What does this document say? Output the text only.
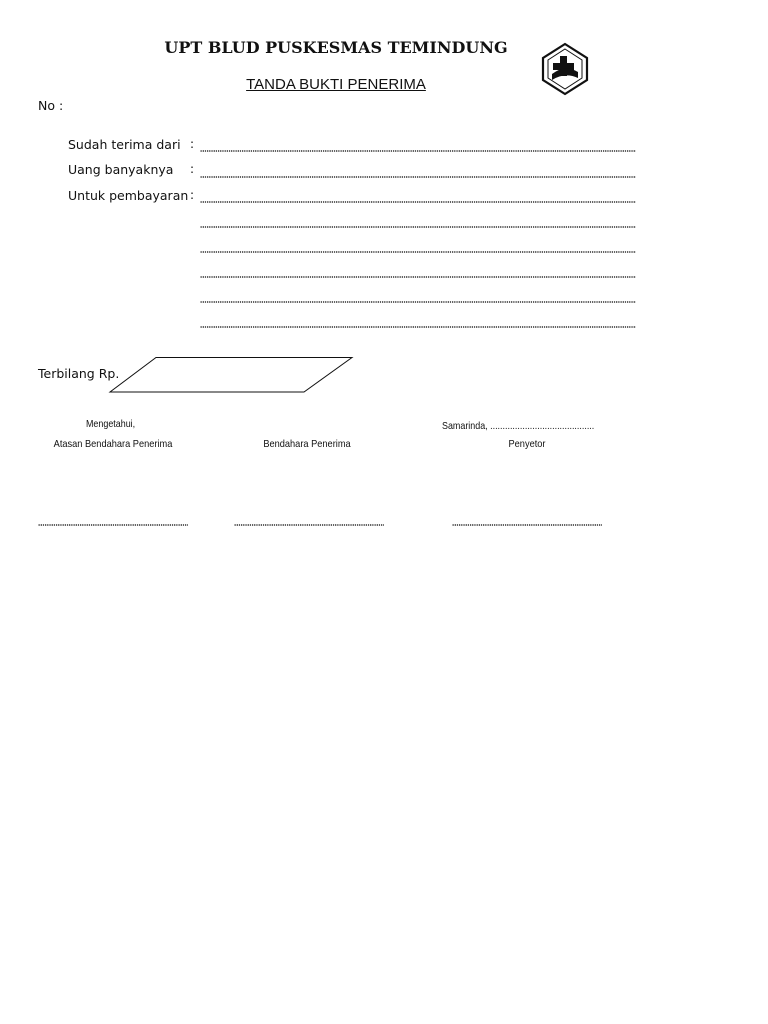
UPT BLUD PUSKESMAS TEMINDUNG
TANDA BUKTI PENERIMA	BLUD
No :
Sudah terima dari :
Uang banyaknya :
Untuk pembayaran :
Terbilang Rp.
Mengetahui,	Samarinda, ..........................................
Atasan Bendahara Penerima	Bendahara Penerima	Penyetor
